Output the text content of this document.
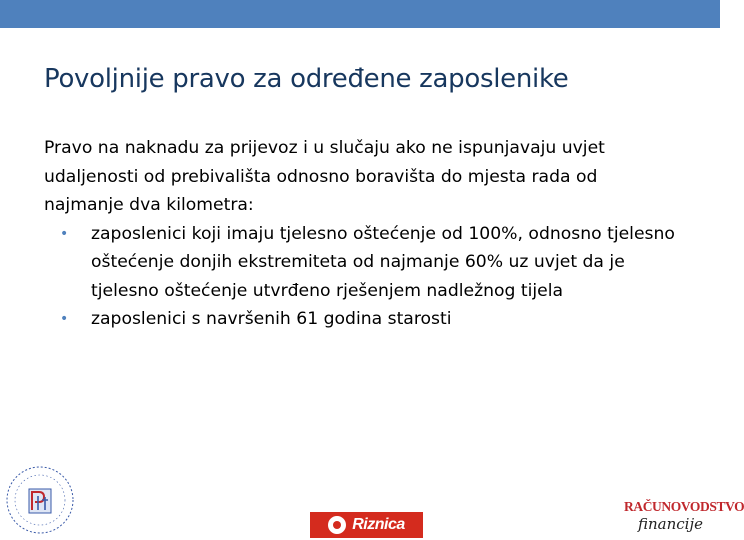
Povoljnije pravo za određene zaposlenike

Pravo na naknadu za prijevoz i u slučaju ako ne ispunjavaju uvjet udaljenosti od prebivališta odnosno boravišta do mjesta rada od najmanje dva kilometra:

• zaposlenici koji imaju tjelesno oštećenje od 100%, odnosno tjelesno oštećenje donjih ekstremiteta od najmanje 60% uz uvjet da je tjelesno oštećenje utvrđeno rješenjem nadležnog tijela
• zaposlenici s navršenih 61 godina starosti
Riznica
RAČUNOVODSTVO
financije
